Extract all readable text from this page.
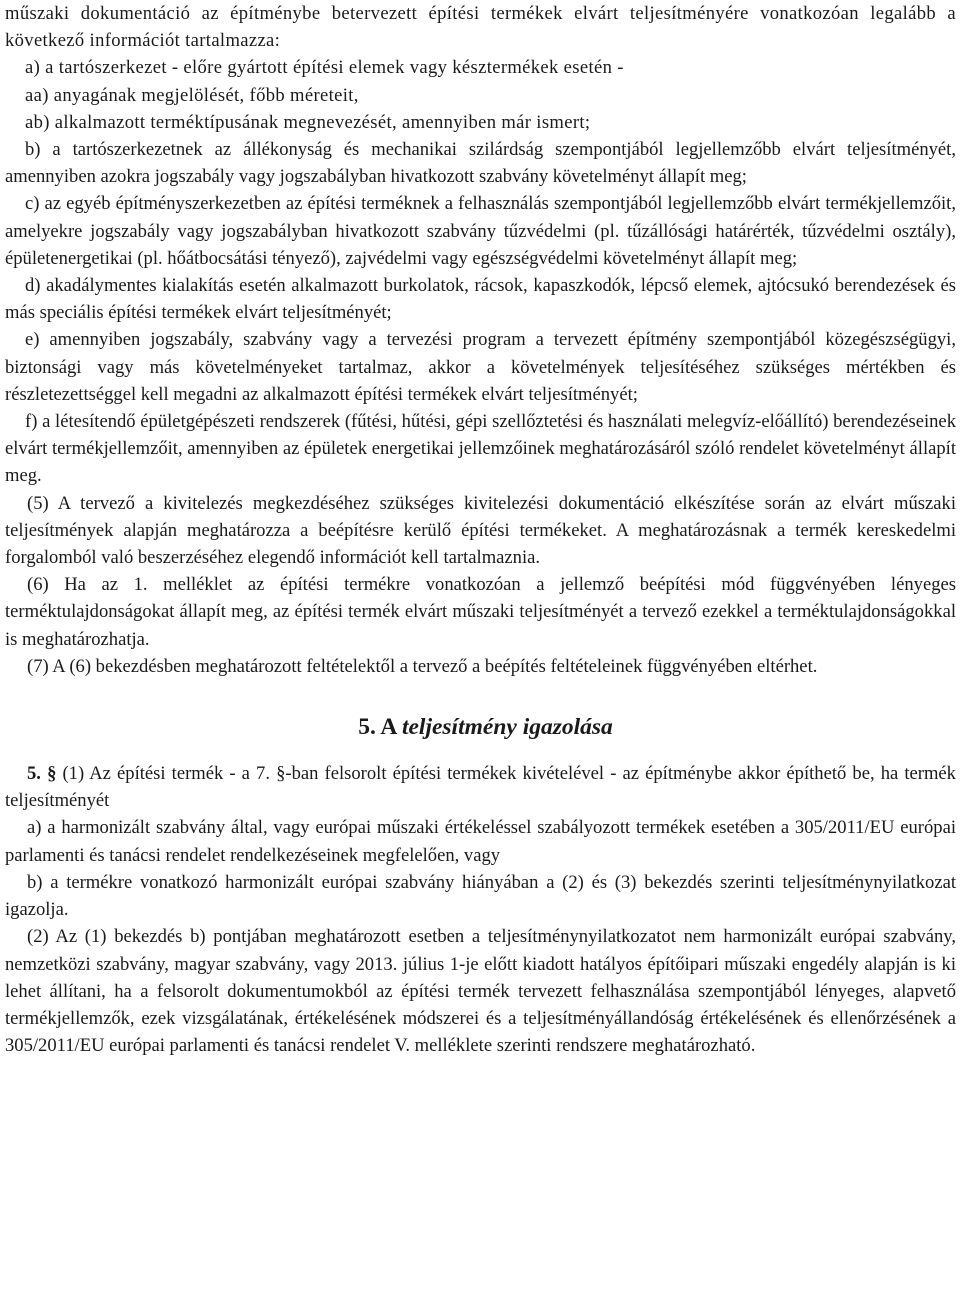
műszaki dokumentáció az építménybe betervezett építési termékek elvárt teljesítményére vonatkozóan legalább a következő információt tartalmazza:

a) a tartószerkezet - előre gyártott építési elemek vagy késztermékek esetén -

aa) anyagának megjelölését, főbb méreteit,

ab) alkalmazott terméktípusának megnevezését, amennyiben már ismert;

b) a tartószerkezetnek az állékonyság és mechanikai szilárdság szempontjából legjellemzőbb elvárt teljesítményét, amennyiben azokra jogszabály vagy jogszabályban hivatkozott szabvány követelményt állapít meg;

c) az egyéb építményszerkezetben az építési terméknek a felhasználás szempontjából legjellemzőbb elvárt termékjellemzőit, amelyekre jogszabály vagy jogszabályban hivatkozott szabvány tűzvédelmi (pl. tűzállósági határérték, tűzvédelmi osztály), épületenergetikai (pl. hőátbocsátási tényező), zajvédelmi vagy egészségvédelmi követelményt állapít meg;

d) akadálymentes kialakítás esetén alkalmazott burkolatok, rácsok, kapaszkodók, lépcső elemek, ajtócsukó berendezések és más speciális építési termékek elvárt teljesítményét;

e) amennyiben jogszabály, szabvány vagy a tervezési program a tervezett építmény szempontjából közegészségügyi, biztonsági vagy más követelményeket tartalmaz, akkor a követelmények teljesítéséhez szükséges mértékben és részletezettséggel kell megadni az alkalmazott építési termékek elvárt teljesítményét;

f) a létesítendő épületgépészeti rendszerek (fűtési, hűtési, gépi szellőztetési és használati melegvíz-előállító) berendezéseinek elvárt termékjellemzőit, amennyiben az épületek energetikai jellemzőinek meghatározásáról szóló rendelet követelményt állapít meg.

(5) A tervező a kivitelezés megkezdéséhez szükséges kivitelezési dokumentáció elkészítése során az elvárt műszaki teljesítmények alapján meghatározza a beépítésre kerülő építési termékeket. A meghatározásnak a termék kereskedelmi forgalomból való beszerzéséhez elegendő információt kell tartalmaznia.

(6) Ha az 1. melléklet az építési termékre vonatkozóan a jellemző beépítési mód függvényében lényeges terméktulajdonságokat állapít meg, az építési termék elvárt műszaki teljesítményét a tervező ezekkel a terméktulajdonságokkal is meghatározhatja.

(7) A (6) bekezdésben meghatározott feltételektől a tervező a beépítés feltételeinek függvényében eltérhet.

5. A teljesítmény igazolása

5. § (1) Az építési termék - a 7. §-ban felsorolt építési termékek kivételével - az építménybe akkor építhető be, ha termék teljesítményét

a) a harmonizált szabvány által, vagy európai műszaki értékeléssel szabályozott termékek esetében a 305/2011/EU európai parlamenti és tanácsi rendelet rendelkezéseinek megfelelően, vagy

b) a termékre vonatkozó harmonizált európai szabvány hiányában a (2) és (3) bekezdés szerinti teljesítménynyilatkozat igazolja.

(2) Az (1) bekezdés b) pontjában meghatározott esetben a teljesítménynyilatkozatot nem harmonizált európai szabvány, nemzetközi szabvány, magyar szabvány, vagy 2013. július 1-je előtt kiadott hatályos építőipari műszaki engedély alapján is ki lehet állítani, ha a felsorolt dokumentumokból az építési termék tervezett felhasználása szempontjából lényeges, alapvető termékjellemzők, ezek vizsgálatának, értékelésének módszerei és a teljesítményállandóság értékelésének és ellenőrzésének a 305/2011/EU európai parlamenti és tanácsi rendelet V. melléklete szerinti rendszere meghatározható.
